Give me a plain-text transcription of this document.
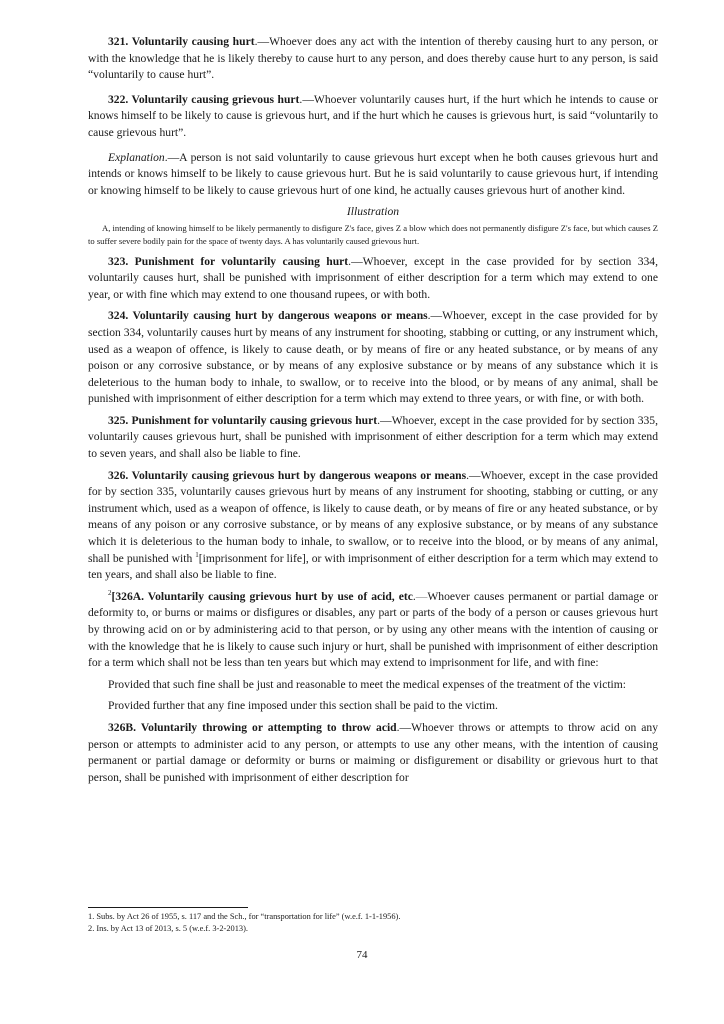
321. Voluntarily causing hurt.—Whoever does any act with the intention of thereby causing hurt to any person, or with the knowledge that he is likely thereby to cause hurt to any person, and does thereby cause hurt to any person, is said “voluntarily to cause hurt”.

322. Voluntarily causing grievous hurt.—Whoever voluntarily causes hurt, if the hurt which he intends to cause or knows himself to be likely to cause is grievous hurt, and if the hurt which he causes is grievous hurt, is said “voluntarily to cause grievous hurt”.

Explanation.—A person is not said voluntarily to cause grievous hurt except when he both causes grievous hurt and intends or knows himself to be likely to cause grievous hurt. But he is said voluntarily to cause grievous hurt, if intending or knowing himself to be likely to cause grievous hurt of one kind, he actually causes grievous hurt of another kind.

Illustration

A, intending of knowing himself to be likely permanently to disfigure Z's face, gives Z a blow which does not permanently disfigure Z's face, but which causes Z to suffer severe bodily pain for the space of twenty days. A has voluntarily caused grievous hurt.

323. Punishment for voluntarily causing hurt.—Whoever, except in the case provided for by section 334, voluntarily causes hurt, shall be punished with imprisonment of either description for a term which may extend to one year, or with fine which may extend to one thousand rupees, or with both.

324. Voluntarily causing hurt by dangerous weapons or means.—Whoever, except in the case provided for by section 334, voluntarily causes hurt by means of any instrument for shooting, stabbing or cutting, or any instrument which, used as a weapon of offence, is likely to cause death, or by means of fire or any heated substance, or by means of any poison or any corrosive substance, or by means of any explosive substance or by means of any substance which it is deleterious to the human body to inhale, to swallow, or to receive into the blood, or by means of any animal, shall be punished with imprisonment of either description for a term which may extend to three years, or with fine, or with both.

325. Punishment for voluntarily causing grievous hurt.—Whoever, except in the case provided for by section 335, voluntarily causes grievous hurt, shall be punished with imprisonment of either description for a term which may extend to seven years, and shall also be liable to fine.

326. Voluntarily causing grievous hurt by dangerous weapons or means.—Whoever, except in the case provided for by section 335, voluntarily causes grievous hurt by means of any instrument for shooting, stabbing or cutting, or any instrument which, used as a weapon of offence, is likely to cause death, or by means of fire or any heated substance, or by means of any poison or any corrosive substance, or by means of any explosive substance, or by means of any substance which it is deleterious to the human body to inhale, to swallow, or to receive into the blood, or by means of any animal, shall be punished with $^1$[imprisonment for life], or with imprisonment of either description for a term which may extend to ten years, and shall also be liable to fine.

$^2$[326A. Voluntarily causing grievous hurt by use of acid, etc.—Whoever causes permanent or partial damage or deformity to, or burns or maims or disfigures or disables, any part or parts of the body of a person or causes grievous hurt by throwing acid on or by administering acid to that person, or by using any other means with the intention of causing or with the knowledge that he is likely to cause such injury or hurt, shall be punished with imprisonment of either description for a term which shall not be less than ten years but which may extend to imprisonment for life, and with fine:

Provided that such fine shall be just and reasonable to meet the medical expenses of the treatment of the victim:

Provided further that any fine imposed under this section shall be paid to the victim.

326B. Voluntarily throwing or attempting to throw acid.—Whoever throws or attempts to throw acid on any person or attempts to administer acid to any person, or attempts to use any other means, with the intention of causing permanent or partial damage or deformity or burns or maiming or disfigurement or disability or grievous hurt to that person, shall be punished with imprisonment of either description for

1. Subs. by Act 26 of 1955, s. 117 and the Sch., for “transportation for life” (w.e.f. 1-1-1956).

2. Ins. by Act 13 of 2013, s. 5 (w.e.f. 3-2-2013).

74
